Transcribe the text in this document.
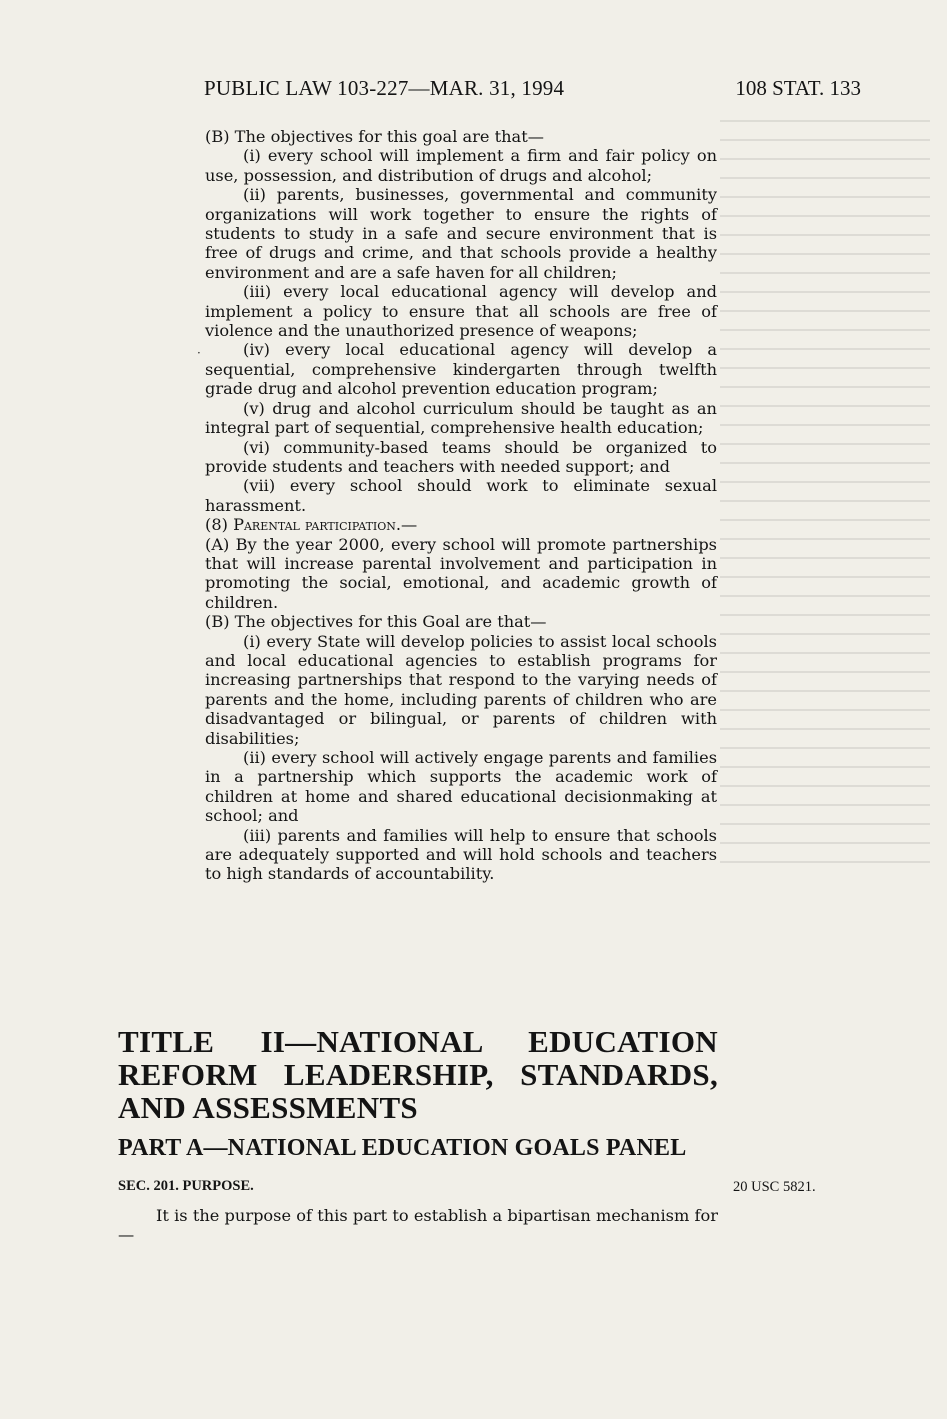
PUBLIC LAW 103-227—MAR. 31, 1994	108 STAT. 133
·

(B) The objectives for this goal are that—

(i) every school will implement a firm and fair policy on use, possession, and distribution of drugs and alcohol;

(ii) parents, businesses, governmental and community organizations will work together to ensure the rights of students to study in a safe and secure environment that is free of drugs and crime, and that schools provide a healthy environment and are a safe haven for all children;

(iii) every local educational agency will develop and implement a policy to ensure that all schools are free of violence and the unauthorized presence of weapons;

(iv) every local educational agency will develop a sequential, comprehensive kindergarten through twelfth grade drug and alcohol prevention education program;

(v) drug and alcohol curriculum should be taught as an integral part of sequential, comprehensive health education;

(vi) community-based teams should be organized to provide students and teachers with needed support; and

(vii) every school should work to eliminate sexual harassment.

(8) Parental participation.—

(A) By the year 2000, every school will promote partnerships that will increase parental involvement and participation in promoting the social, emotional, and academic growth of children.

(B) The objectives for this Goal are that—

(i) every State will develop policies to assist local schools and local educational agencies to establish programs for increasing partnerships that respond to the varying needs of parents and the home, including parents of children who are disadvantaged or bilingual, or parents of children with disabilities;

(ii) every school will actively engage parents and families in a partnership which supports the academic work of children at home and shared educational decisionmaking at school; and

(iii) parents and families will help to ensure that schools are adequately supported and will hold schools and teachers to high standards of accountability.

TITLE II—NATIONAL EDUCATION REFORM LEADERSHIP, STANDARDS, AND ASSESSMENTS
PART A—NATIONAL EDUCATION GOALS PANEL
SEC. 201. PURPOSE.	20 USC 5821.
It is the purpose of this part to establish a bipartisan mechanism for—
